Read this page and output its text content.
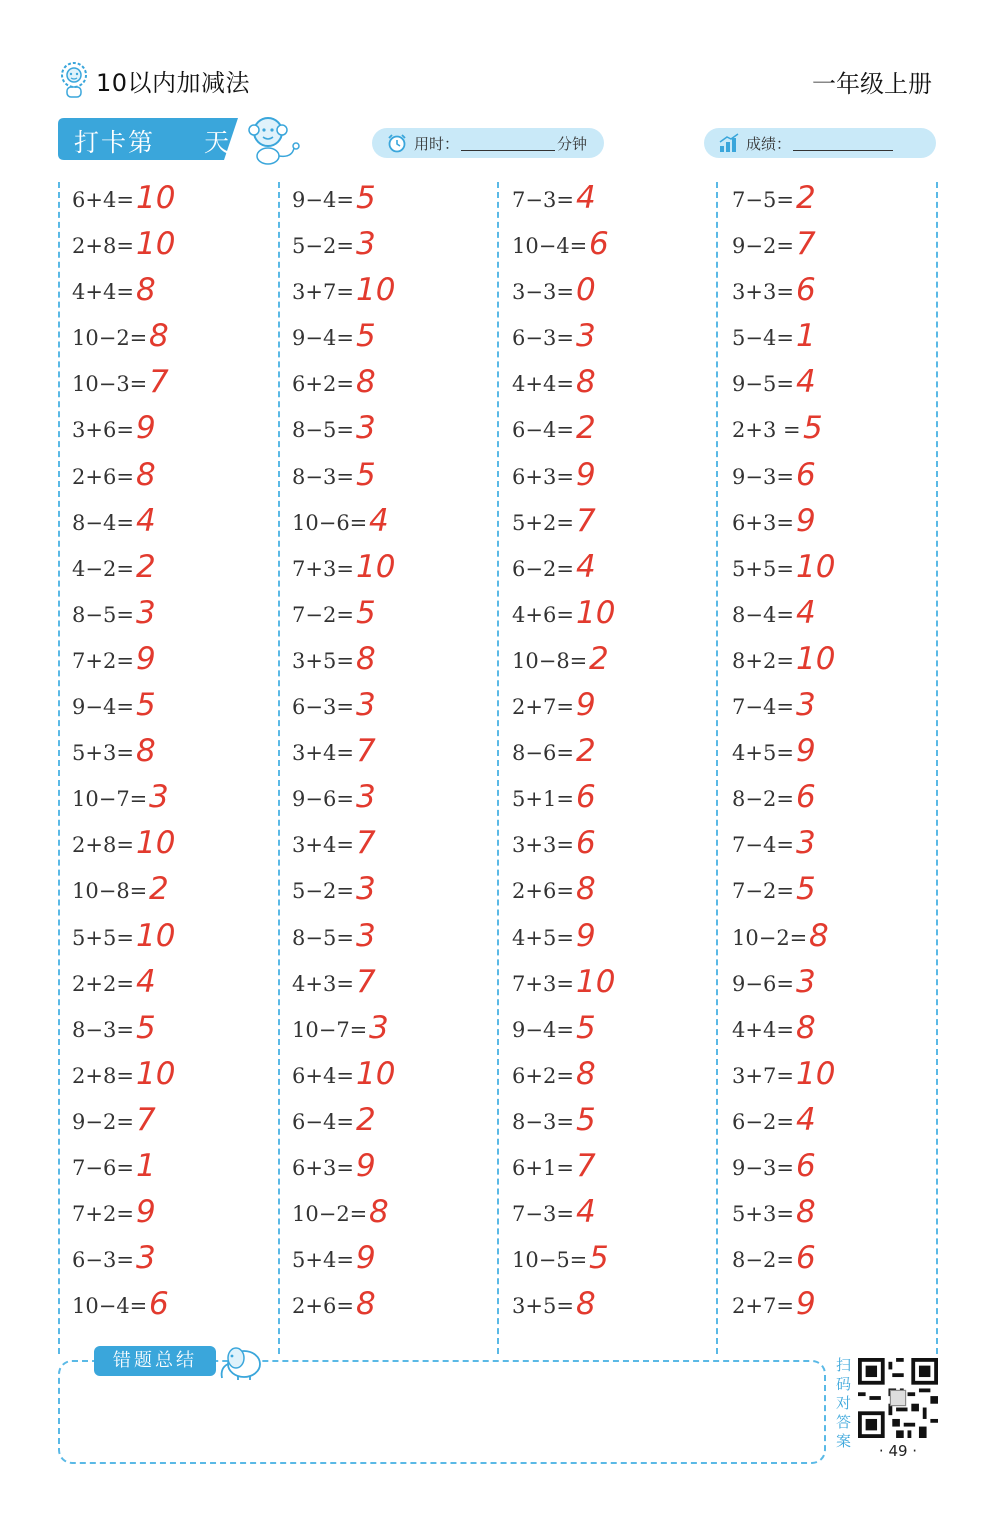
10以内加减法	一年级上册
打卡第 天	用时：	分钟	成绩：
6+4= 10
2+8= 10
4+4= 8
10−2= 8
10−3= 7
3+6= 9
2+6= 8
8−4= 4
4−2= 2
8−5= 3
7+2= 9
9−4= 5
5+3= 8
10−7= 3
2+8= 10
10−8= 2
5+5= 10
2+2= 4
8−3= 5
2+8= 10
9−2= 7
7−6= 1
7+2= 9
6−3= 3
10−4= 6
9−4= 5
5−2= 3
3+7= 10
9−4= 5
6+2= 8
8−5= 3
8−3= 5
10−6= 4
7+3= 10
7−2= 5
3+5= 8
6−3= 3
3+4= 7
9−6= 3
3+4= 7
5−2= 3
8−5= 3
4+3= 7
10−7= 3
6+4= 10
6−4= 2
6+3= 9
10−2= 8
5+4= 9
2+6= 8
7−3= 4
10−4= 6
3−3= 0
6−3= 3
4+4= 8
6−4= 2
6+3= 9
5+2= 7
6−2= 4
4+6= 10
10−8= 2
2+7= 9
8−6= 2
5+1= 6
3+3= 6
2+6= 8
4+5= 9
7+3= 10
9−4= 5
6+2= 8
8−3= 5
6+1= 7
7−3= 4
10−5= 5
3+5= 8
7−5= 2
9−2= 7
3+3= 6
5−4= 1
9−5= 4
2+3 = 5
9−3= 6
6+3= 9
5+5= 10
8−4= 4
8+2= 10
7−4= 3
4+5= 9
8−2= 6
7−4= 3
7−2= 5
10−2= 8
9−6= 3
4+4= 8
3+7= 10
6−2= 4
9−3= 6
5+3= 8
8−2= 6
2+7= 9
错题总结	扫码对答案
· 49 ·
